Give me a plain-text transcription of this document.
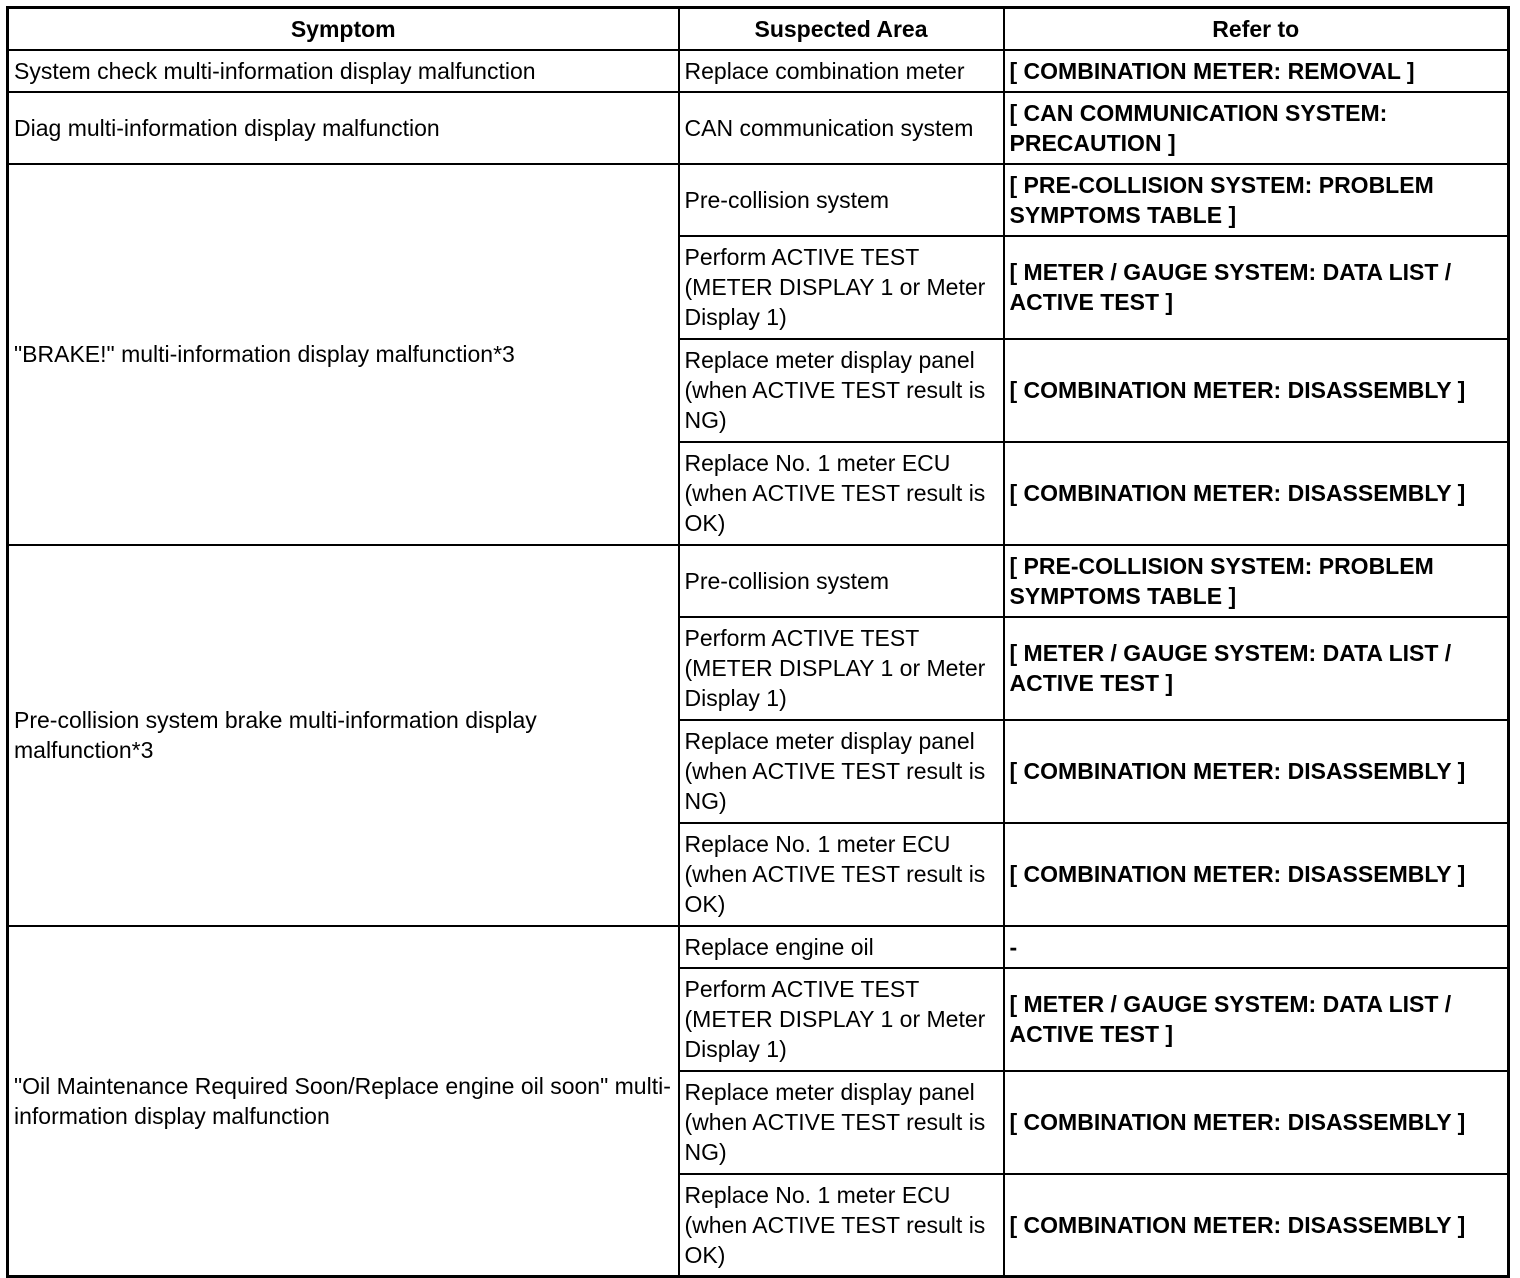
Symptom	Suspected Area	Refer to
System check multi-information display malfunction	Replace combination meter	[ COMBINATION METER: REMOVAL ]
Diag multi-information display malfunction	CAN communication system	[ CAN COMMUNICATION SYSTEM: PRECAUTION ]
"BRAKE!" multi-information display malfunction*3	Pre-collision system	[ PRE-COLLISION SYSTEM: PROBLEM SYMPTOMS TABLE ]
	Perform ACTIVE TEST (METER DISPLAY 1 or Meter Display 1)	[ METER / GAUGE SYSTEM: DATA LIST / ACTIVE TEST ]
	Replace meter display panel (when ACTIVE TEST result is NG)	[ COMBINATION METER: DISASSEMBLY ]
	Replace No. 1 meter ECU (when ACTIVE TEST result is OK)	[ COMBINATION METER: DISASSEMBLY ]
Pre-collision system brake multi-information display malfunction*3	Pre-collision system	[ PRE-COLLISION SYSTEM: PROBLEM SYMPTOMS TABLE ]
	Perform ACTIVE TEST (METER DISPLAY 1 or Meter Display 1)	[ METER / GAUGE SYSTEM: DATA LIST / ACTIVE TEST ]
	Replace meter display panel (when ACTIVE TEST result is NG)	[ COMBINATION METER: DISASSEMBLY ]
	Replace No. 1 meter ECU (when ACTIVE TEST result is OK)	[ COMBINATION METER: DISASSEMBLY ]
"Oil Maintenance Required Soon/Replace engine oil soon" multi-information display malfunction	Replace engine oil	-
	Perform ACTIVE TEST (METER DISPLAY 1 or Meter Display 1)	[ METER / GAUGE SYSTEM: DATA LIST / ACTIVE TEST ]
	Replace meter display panel (when ACTIVE TEST result is NG)	[ COMBINATION METER: DISASSEMBLY ]
	Replace No. 1 meter ECU (when ACTIVE TEST result is OK)	[ COMBINATION METER: DISASSEMBLY ]
